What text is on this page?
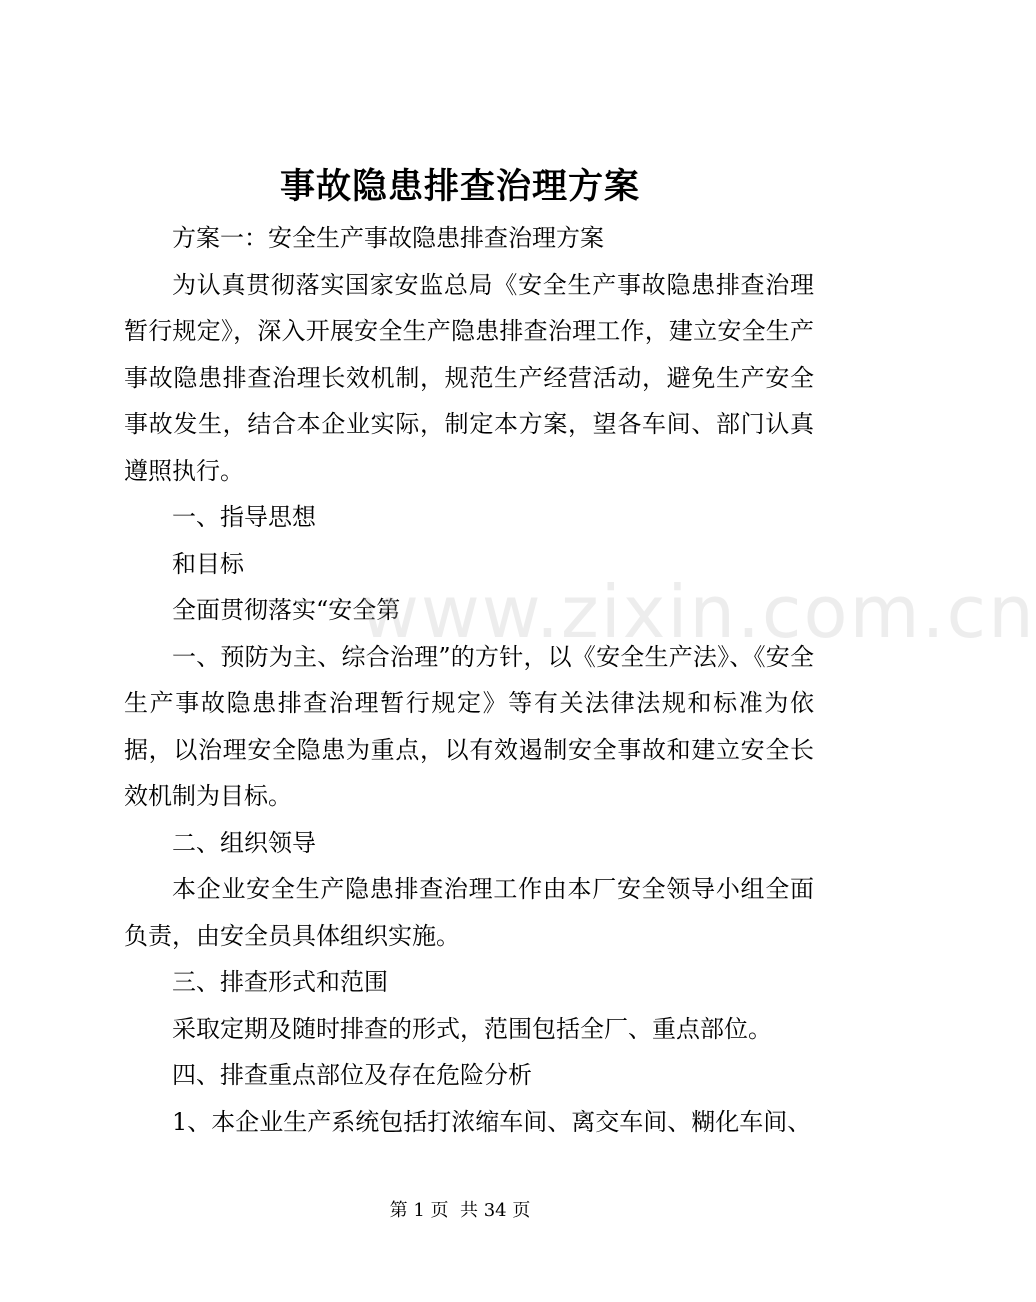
事故隐患排查治理方案

方案一：安全生产事故隐患排查治理方案

为认真贯彻落实国家安监总局《安全生产事故隐患排查治理暂行规定》，深入开展安全生产隐患排查治理工作，建立安全生产事故隐患排查治理长效机制，规范生产经营活动，避免生产安全事故发生，结合本企业实际，制定本方案，望各车间、部门认真遵照执行。

一、指导思想

和目标

全面贯彻落实“安全第

一、预防为主、综合治理”的方针，以《安全生产法》、《安全生产事故隐患排查治理暂行规定》等有关法律法规和标准为依据，以治理安全隐患为重点，以有效遏制安全事故和建立安全长效机制为目标。

二、组织领导

本企业安全生产隐患排查治理工作由本厂安全领导小组全面负责，由安全员具体组织实施。

三、排查形式和范围

采取定期及随时排查的形式，范围包括全厂、重点部位。

四、排查重点部位及存在危险分析

1、本企业生产系统包括打浓缩车间、离交车间、糊化车间、

www.zixin.com.cn
第 1 页  共 34 页
